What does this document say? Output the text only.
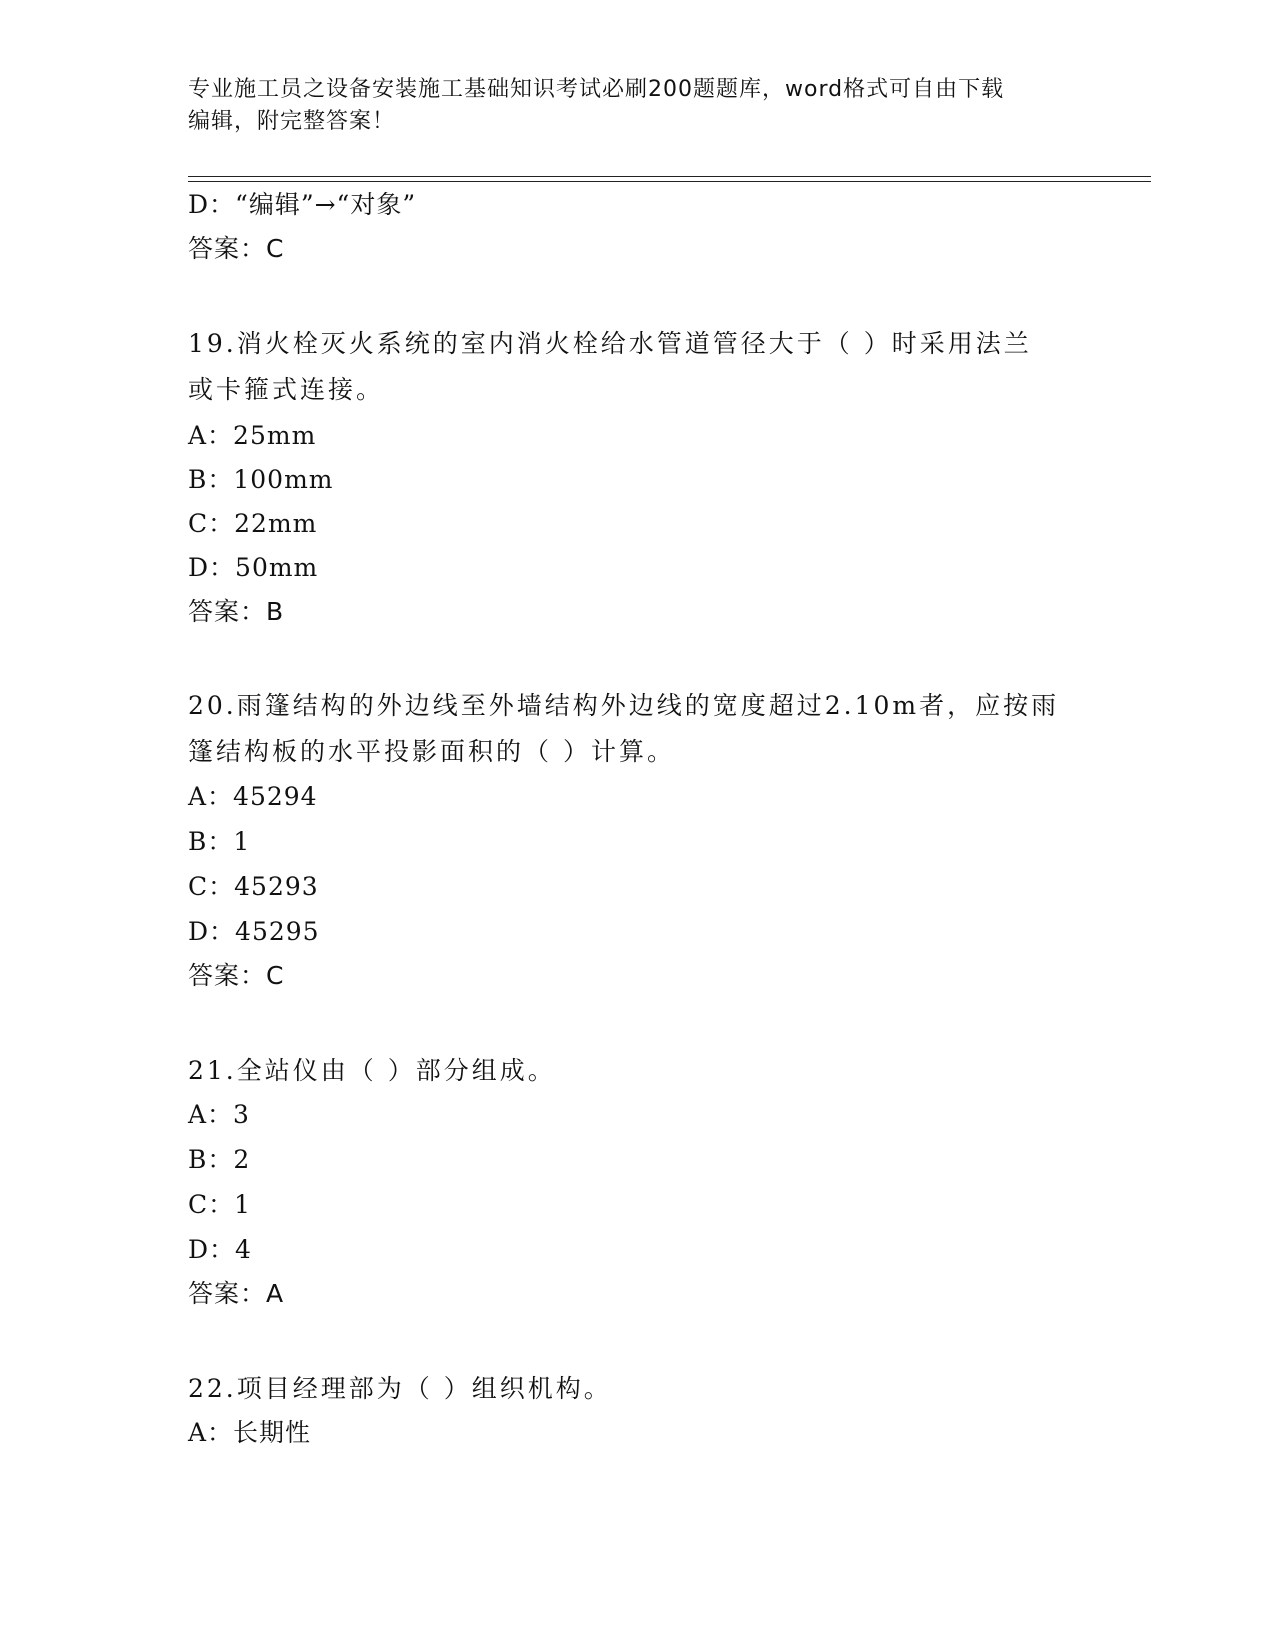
专业施工员之设备安装施工基础知识考试必刷200题题库，word格式可自由下载
编辑，附完整答案！
D：“编辑”→“对象”
答案：C
19.消火栓灭火系统的室内消火栓给水管道管径大于（ ）时采用法兰
或卡箍式连接。
A：25mm
B：100mm
C：22mm
D：50mm
答案：B
20.雨篷结构的外边线至外墙结构外边线的宽度超过2.10m者，应按雨
篷结构板的水平投影面积的（ ）计算。
A：45294
B：1
C：45293
D：45295
答案：C
21.全站仪由（ ）部分组成。
A：3
B：2
C：1
D：4
答案：A
22.项目经理部为（ ）组织机构。
A：长期性
